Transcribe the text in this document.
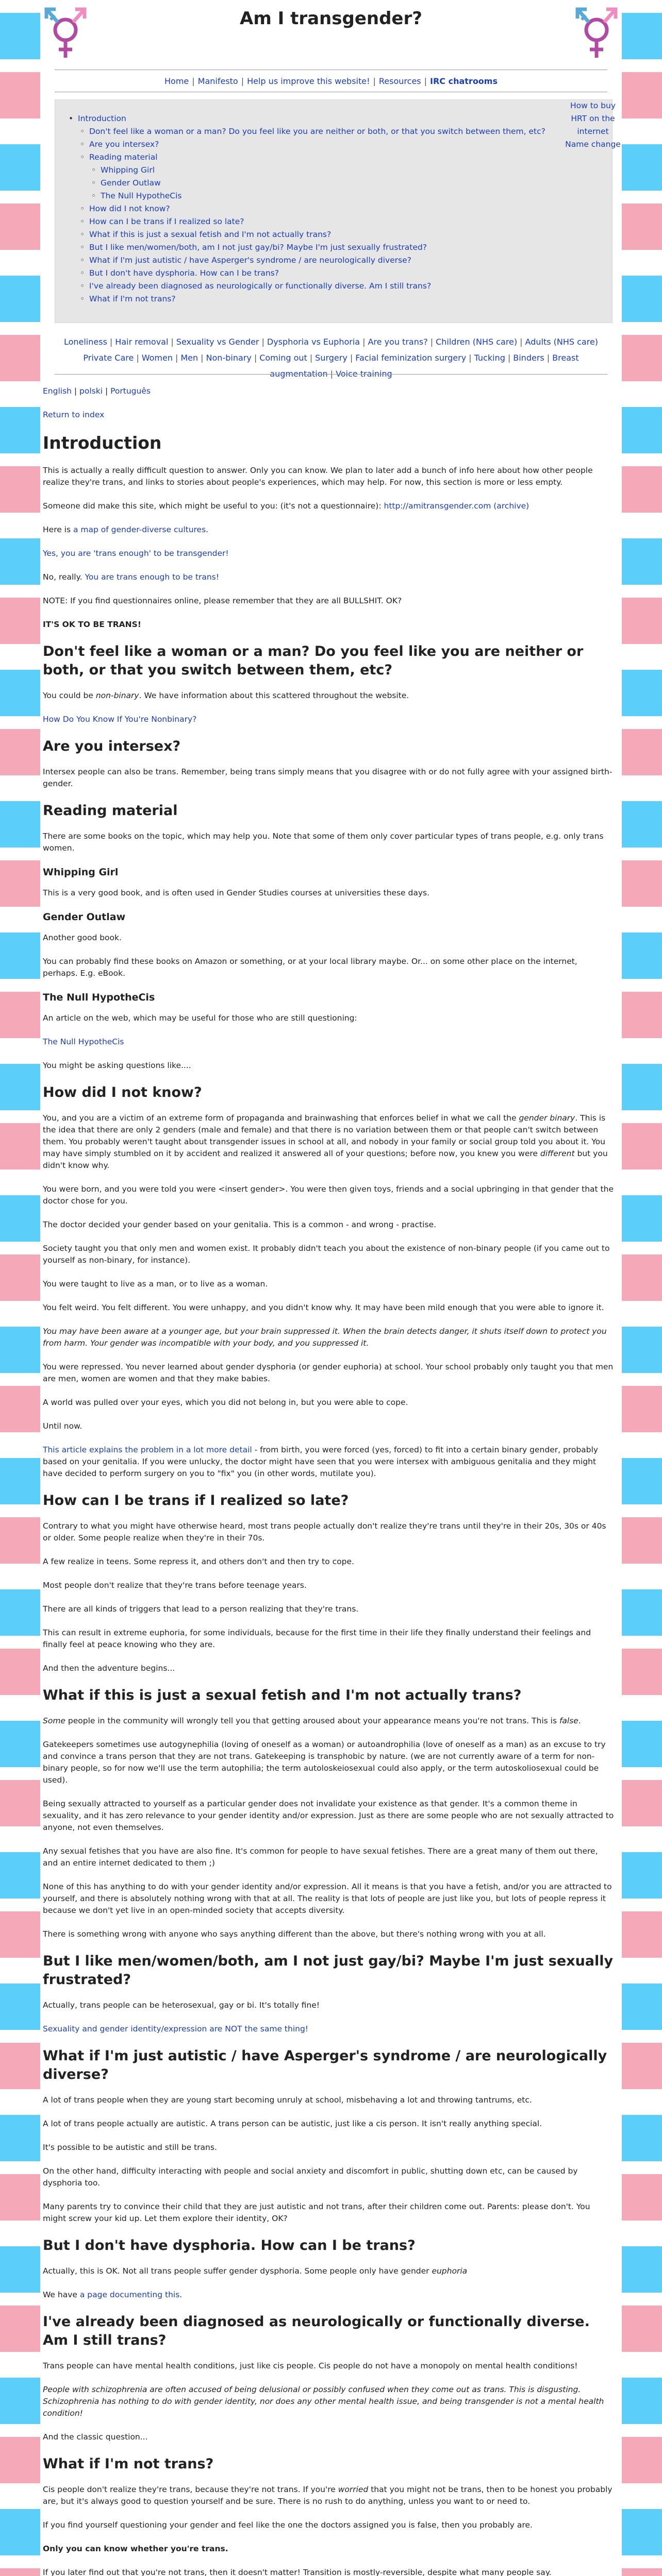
Am I transgender?
Home | Manifesto | Help us improve this website! | Resources | IRC chatrooms
• Introduction
◦ Don't feel like a woman or a man? Do you feel like you are neither or both, or that you switch between them, etc?
◦ Are you intersex?
◦ Reading material
◦ Whipping Girl
◦ Gender Outlaw
◦ The Null HypotheCis
◦ How did I not know?
◦ How can I be trans if I realized so late?
◦ What if this is just a sexual fetish and I'm not actually trans?
◦ But I like men/women/both, am I not just gay/bi? Maybe I'm just sexually frustrated?
◦ What if I'm just autistic / have Asperger's syndrome / are neurologically diverse?
◦ But I don't have dysphoria. How can I be trans?
◦ I've already been diagnosed as neurologically or functionally diverse. Am I still trans?
◦ What if I'm not trans?
How to buy HRT on the internet
Name change
Loneliness | Hair removal | Sexuality vs Gender | Dysphoria vs Euphoria | Are you trans? | Children (NHS care) | Adults (NHS care)
Private Care | Women | Men | Non-binary | Coming out | Surgery | Facial feminization surgery | Tucking | Binders | Breast augmentation | Voice training

English | polski | Português

Return to index

Introduction

This is actually a really difficult question to answer. Only you can know. We plan to later add a bunch of info here about how other people realize they're trans, and links to stories about people's experiences, which may help. For now, this section is more or less empty.

Someone did make this site, which might be useful to you: (it's not a questionnaire): http://amitransgender.com (archive)

Here is a map of gender-diverse cultures.

Yes, you are 'trans enough' to be transgender!

No, really. You are trans enough to be trans!

NOTE: If you find questionnaires online, please remember that they are all BULLSHIT. OK?

IT'S OK TO BE TRANS!

Don't feel like a woman or a man? Do you feel like you are neither or both, or that you switch between them, etc?

You could be non-binary. We have information about this scattered throughout the website.

How Do You Know If You're Nonbinary?

Are you intersex?

Intersex people can also be trans. Remember, being trans simply means that you disagree with or do not fully agree with your assigned birth-gender.

Reading material

There are some books on the topic, which may help you. Note that some of them only cover particular types of trans people, e.g. only trans women.

Whipping Girl

This is a very good book, and is often used in Gender Studies courses at universities these days.

Gender Outlaw

Another good book.

You can probably find these books on Amazon or something, or at your local library maybe. Or... on some other place on the internet, perhaps. E.g. eBook.

The Null HypotheCis

An article on the web, which may be useful for those who are still questioning:

The Null HypotheCis

You might be asking questions like....

How did I not know?

You, and you are a victim of an extreme form of propaganda and brainwashing that enforces belief in what we call the gender binary. This is the idea that there are only 2 genders (male and female) and that there is no variation between them or that people can't switch between them. You probably weren't taught about transgender issues in school at all, and nobody in your family or social group told you about it. You may have simply stumbled on it by accident and realized it answered all of your questions; before now, you knew you were different but you didn't know why.

You were born, and you were told you were <insert gender>. You were then given toys, friends and a social upbringing in that gender that the doctor chose for you.

The doctor decided your gender based on your genitalia. This is a common - and wrong - practise.

Society taught you that only men and women exist. It probably didn't teach you about the existence of non-binary people (if you came out to yourself as non-binary, for instance).

You were taught to live as a man, or to live as a woman.

You felt weird. You felt different. You were unhappy, and you didn't know why. It may have been mild enough that you were able to ignore it.

You may have been aware at a younger age, but your brain suppressed it. When the brain detects danger, it shuts itself down to protect you from harm. Your gender was incompatible with your body, and you suppressed it.

You were repressed. You never learned about gender dysphoria (or gender euphoria) at school. Your school probably only taught you that men are men, women are women and that they make babies.

A world was pulled over your eyes, which you did not belong in, but you were able to cope.

Until now.

This article explains the problem in a lot more detail - from birth, you were forced (yes, forced) to fit into a certain binary gender, probably based on your genitalia. If you were unlucky, the doctor might have seen that you were intersex with ambiguous genitalia and they might have decided to perform surgery on you to "fix" you (in other words, mutilate you).

How can I be trans if I realized so late?

Contrary to what you might have otherwise heard, most trans people actually don't realize they're trans until they're in their 20s, 30s or 40s or older. Some people realize when they're in their 70s.

A few realize in teens. Some repress it, and others don't and then try to cope.

Most people don't realize that they're trans before teenage years.

There are all kinds of triggers that lead to a person realizing that they're trans.

This can result in extreme euphoria, for some individuals, because for the first time in their life they finally understand their feelings and finally feel at peace knowing who they are.

And then the adventure begins...

What if this is just a sexual fetish and I'm not actually trans?

Some people in the community will wrongly tell you that getting aroused about your appearance means you're not trans. This is false.

Gatekeepers sometimes use autogynephilia (loving of oneself as a woman) or autoandrophilia (love of oneself as a man) as an excuse to try and convince a trans person that they are not trans. Gatekeeping is transphobic by nature. (we are not currently aware of a term for non-binary people, so for now we'll use the term autophilia; the term autoloskeiosexual could also apply, or the term autoskoliosexual could be used).

Being sexually attracted to yourself as a particular gender does not invalidate your existence as that gender. It's a common theme in sexuality, and it has zero relevance to your gender identity and/or expression. Just as there are some people who are not sexually attracted to anyone, not even themselves.

Any sexual fetishes that you have are also fine. It's common for people to have sexual fetishes. There are a great many of them out there, and an entire internet dedicated to them ;)

None of this has anything to do with your gender identity and/or expression. All it means is that you have a fetish, and/or you are attracted to yourself, and there is absolutely nothing wrong with that at all. The reality is that lots of people are just like you, but lots of people repress it because we don't yet live in an open-minded society that accepts diversity.

There is something wrong with anyone who says anything different than the above, but there's nothing wrong with you at all.

But I like men/women/both, am I not just gay/bi? Maybe I'm just sexually frustrated?

Actually, trans people can be heterosexual, gay or bi. It's totally fine!

Sexuality and gender identity/expression are NOT the same thing!

What if I'm just autistic / have Asperger's syndrome / are neurologically diverse?

A lot of trans people when they are young start becoming unruly at school, misbehaving a lot and throwing tantrums, etc.

A lot of trans people actually are autistic. A trans person can be autistic, just like a cis person. It isn't really anything special.

It's possible to be autistic and still be trans.

On the other hand, difficulty interacting with people and social anxiety and discomfort in public, shutting down etc, can be caused by dysphoria too.

Many parents try to convince their child that they are just autistic and not trans, after their children come out. Parents: please don't. You might screw your kid up. Let them explore their identity, OK?

But I don't have dysphoria. How can I be trans?

Actually, this is OK. Not all trans people suffer gender dysphoria. Some people only have gender euphoria

We have a page documenting this.

I've already been diagnosed as neurologically or functionally diverse. Am I still trans?

Trans people can have mental health conditions, just like cis people. Cis people do not have a monopoly on mental health conditions!

People with schizophrenia are often accused of being delusional or possibly confused when they come out as trans. This is disgusting. Schizophrenia has nothing to do with gender identity, nor does any other mental health issue, and being transgender is not a mental health condition!

And the classic question...

What if I'm not trans?

Cis people don't realize they're trans, because they're not trans. If you're worried that you might not be trans, then to be honest you probably are, but it's always good to question yourself and be sure. There is no rush to do anything, unless you want to or need to.

If you find yourself questioning your gender and feel like the one the doctors assigned you is false, then you probably are.

Only you can know whether you're trans.

If you later find out that you're not trans, then it doesn't matter! Transition is mostly-reversible, despite what many people say.
